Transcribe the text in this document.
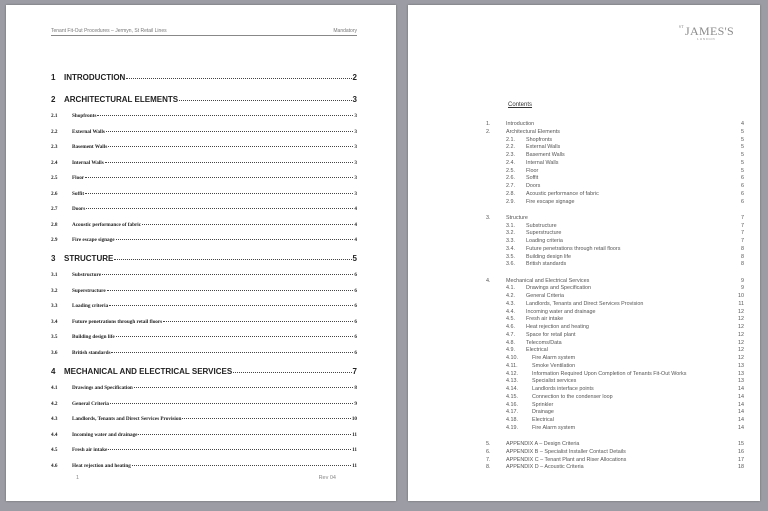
Tenant Fit-Out Procedures – Jermyn, St Retail Lines	Mandatory
1	INTRODUCTION	2
2	ARCHITECTURAL ELEMENTS	3
2.1	Shopfronts	3
2.2	External Walls	3
2.3	Basement Walls	3
2.4	Internal Walls	3
2.5	Floor	3
2.6	Soffit	3
2.7	Doors	4
2.8	Acoustic performance of fabric	4
2.9	Fire escape signage	4
3	STRUCTURE	5
3.1	Substructure	6
3.2	Superstructure	6
3.3	Loading criteria	6
3.4	Future penetrations through retail floors	6
3.5	Building design life	6
3.6	British standards	6
4	MECHANICAL AND ELECTRICAL SERVICES	7
4.1	Drawings and Specification	8
4.2	General Criteria	9
4.3	Landlords, Tenants and Direct Services Provision	10
4.4	Incoming water and drainage	11
4.5	Fresh air intake	11
4.6	Heat rejection and heating	11
1	Rev 04
$^{ST}$JAMES'S
LONDON
Contents
1.	Introduction	4
2.	Architectural Elements	5
2.1.	Shopfronts	5
2.2.	External Walls	5
2.3.	Basement Walls	5
2.4.	Internal Walls	5
2.5.	Floor	5
2.6.	Soffit	6
2.7.	Doors	6
2.8.	Acoustic performance of fabric	6
2.9.	Fire escape signage	6
3.	Structure	7
3.1.	Substructure	7
3.2.	Superstructure	7
3.3.	Loading criteria	7
3.4.	Future penetrations through retail floors	8
3.5.	Building design life	8
3.6.	British standards	8
4.	Mechanical and Electrical Services	9
4.1.	Drawings and Specification	9
4.2.	General Criteria	10
4.3.	Landlords, Tenants and Direct Services Provision	11
4.4.	Incoming water and drainage	12
4.5.	Fresh air intake	12
4.6.	Heat rejection and heating	12
4.7.	Space for retail plant	12
4.8.	Telecoms/Data	12
4.9.	Electrical	12
4.10.	Fire Alarm system	12
4.11.	Smoke Ventilation	13
4.12.	Information Required Upon Completion of Tenants Fit-Out Works	13
4.13.	Specialist services	13
4.14.	Landlords interface points	14
4.15.	Connection to the condenser loop	14
4.16.	Sprinkler	14
4.17.	Drainage	14
4.18.	Electrical	14
4.19.	Fire Alarm system	14
5.	APPENDIX A – Design Criteria	15
6.	APPENDIX B – Specialist Installer Contact Details	16
7.	APPENDIX C – Tenant Plant and Riser Allocations	17
8.	APPENDIX D – Acoustic Criteria	18
